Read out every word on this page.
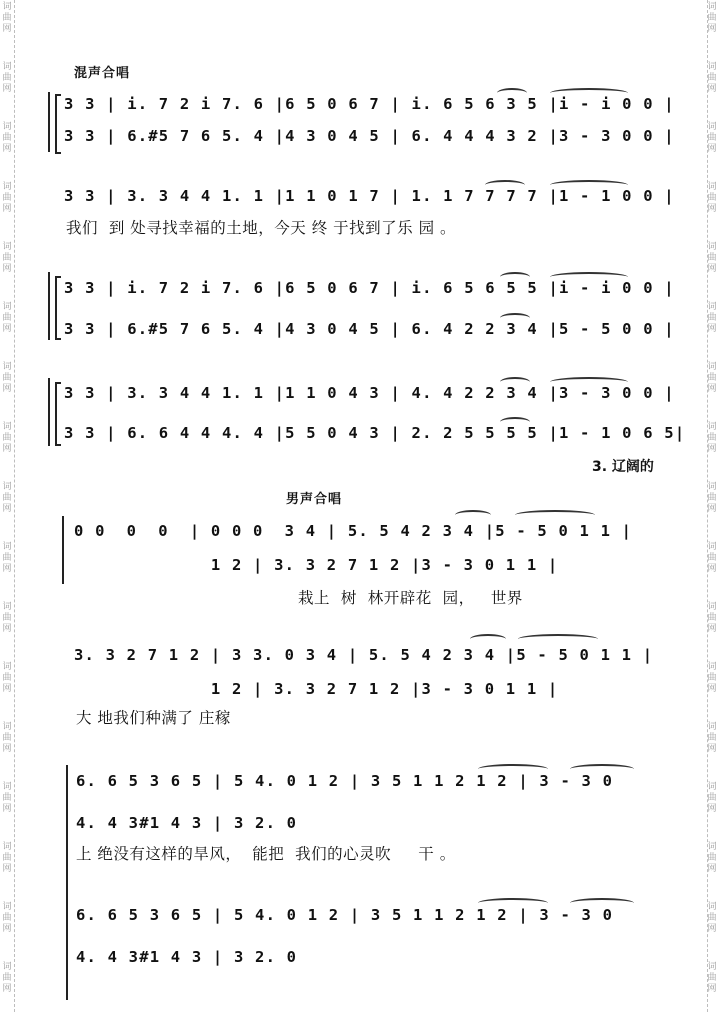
词
曲
网
词
曲
网
词
曲
网
词
曲
网
词
曲
网
词
曲
网
词
曲
网
词
曲
网
词
曲
网
词
曲
网
词
曲
网
词
曲
网
词
曲
网
词
曲
网
词
曲
网
词
曲
网
词
曲
网
词
曲
网
词
曲
网
词
曲
网
词
曲
网
词
曲
网
词
曲
网
词
曲
网
词
曲
网
词
曲
网
词
曲
网
词
曲
网
词
曲
网
词
曲
网
词
曲
网
词
曲
网
词
曲
网
词
曲
网
混声合唱
3 3 | i. 7 2 i 7. 6 |6 5 0 6 7 | i. 6 5 6 3 5 |i - i 0 0 |
3 3 | 6.#5 7 6 5. 4 |4 3 0 4 5 | 6. 4 4 4 3 2 |3 - 3 0 0 |
3 3 | 3. 3 4 4 1. 1 |1 1 0 1 7 | 1. 1 7 7 7 7 |1 - 1 0 0 |
我们  到 处寻找幸福的土地，今天 终 于找到了乐 园 。
3 3 | i. 7 2 i 7. 6 |6 5 0 6 7 | i. 6 5 6 5 5 |i - i 0 0 |
3 3 | 6.#5 7 6 5. 4 |4 3 0 4 5 | 6. 4 2 2 3 4 |5 - 5 0 0 |
3 3 | 3. 3 4 4 1. 1 |1 1 0 4 3 | 4. 4 2 2 3 4 |3 - 3 0 0 |
3 3 | 6. 6 4 4 4. 4 |5 5 0 4 3 | 2. 2 5 5 5 5 |1 - 1 0 6 5|
3. 辽阔的
男声合唱
0 0  0  0  | 0 0 0  3 4 | 5. 5 4 2 3 4 |5 - 5 0 1 1 |
1 2 | 3. 3 2 7 1 2 |3 - 3 0 1 1 |
栽上  树  林开辟花  园，   世界
3. 3 2 7 1 2 | 3 3. 0 3 4 | 5. 5 4 2 3 4 |5 - 5 0 1 1 |
1 2 | 3. 3 2 7 1 2 |3 - 3 0 1 1 |
大 地我们种满了 庄稼
6. 6 5 3 6 5 | 5 4. 0 1 2 | 3 5 1 1 2 1 2 | 3 - 3 0
4. 4 3#1 4 3 | 3 2. 0
上 绝没有这样的旱风，  能把  我们的心灵吹     干 。
6. 6 5 3 6 5 | 5 4. 0 1 2 | 3 5 1 1 2 1 2 | 3 - 3 0
4. 4 3#1 4 3 | 3 2. 0
